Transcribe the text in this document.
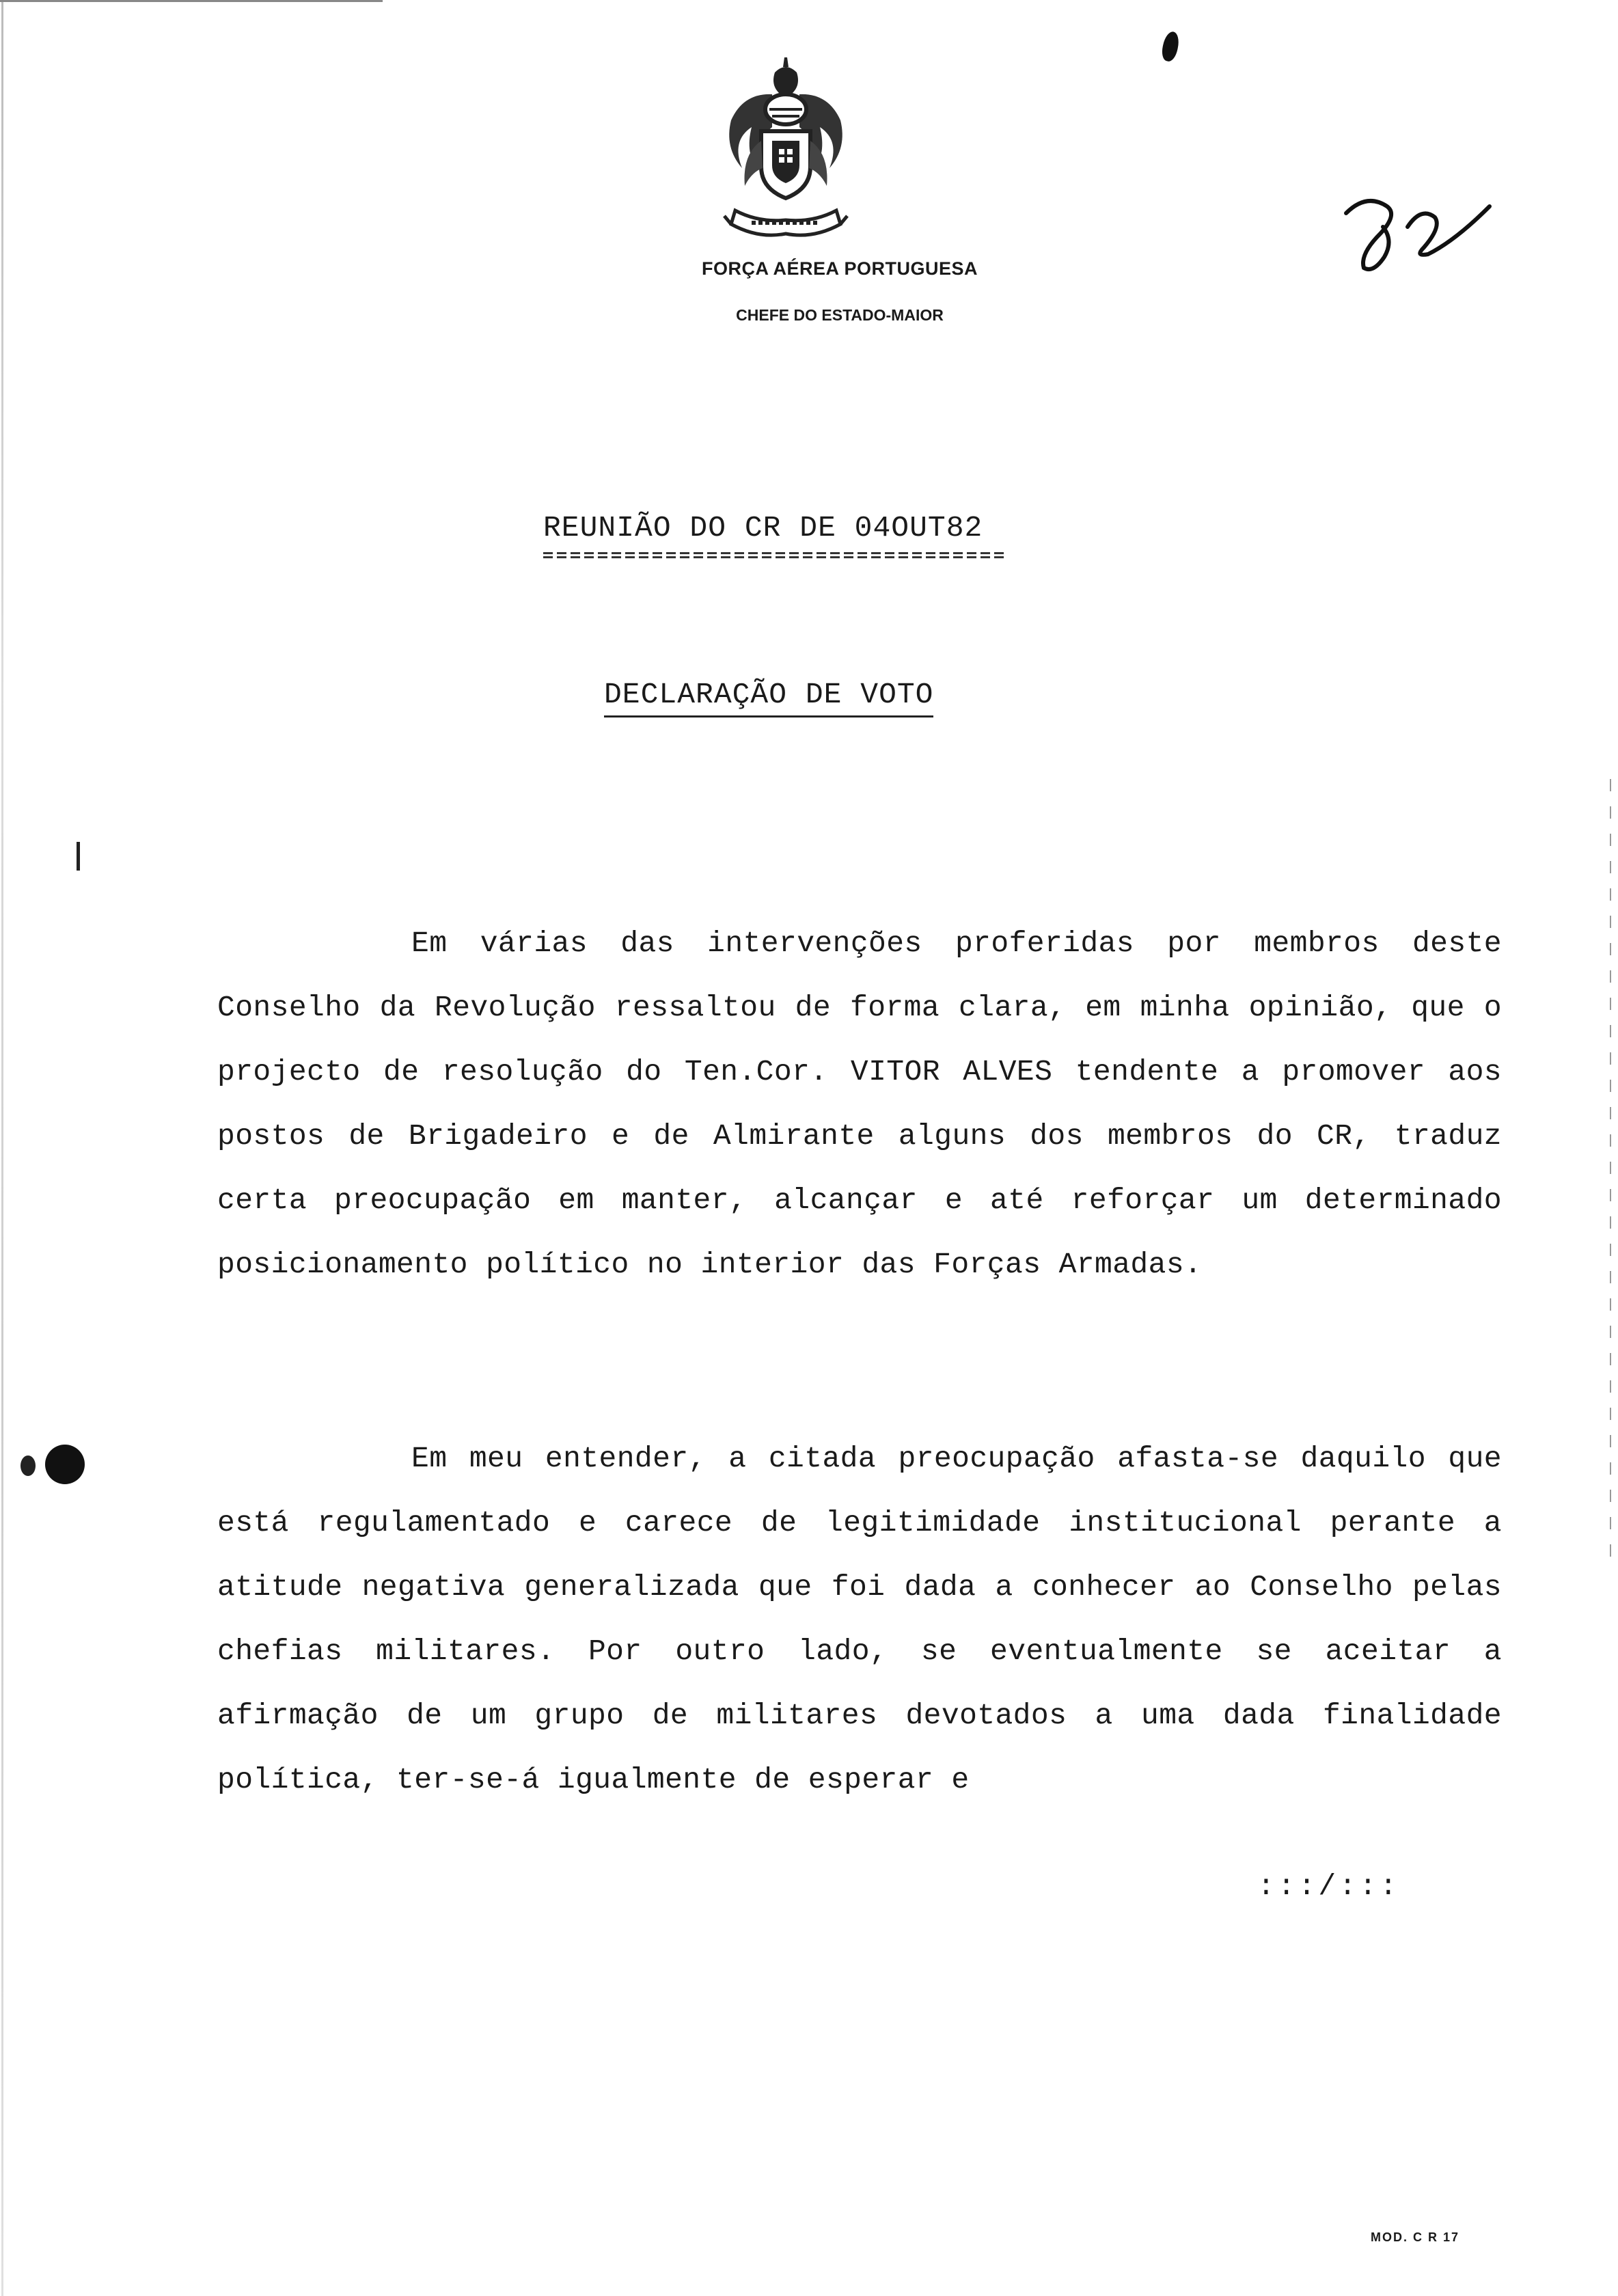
FORÇA AÉREA PORTUGUESA
CHEFE DO ESTADO-MAIOR
REUNIÃO DO CR DE 04OUT82
DECLARAÇÃO DE VOTO
Em várias das intervenções proferidas por membros deste Conselho da Revolução ressaltou de forma clara, em minha opinião, que o projecto de resolução do Ten.Cor. VITOR ALVES tendente a promover aos postos de Brigadeiro e de Almirante alguns dos membros do CR, traduz certa preocupação em manter, alcançar e até reforçar um determinado posicionamento político no interior das Forças Armadas.
Em meu entender, a citada preocupação afasta-se daquilo que está regulamentado e carece de legitimidade institucional perante a atitude negativa generalizada que foi dada a conhecer ao Conselho pelas chefias militares. Por outro lado, se eventualmente se aceitar a afirmação de um grupo de militares devotados a uma dada finalidade política, ter-se-á igualmente de esperar e
:::/:::
MOD. C R 17
